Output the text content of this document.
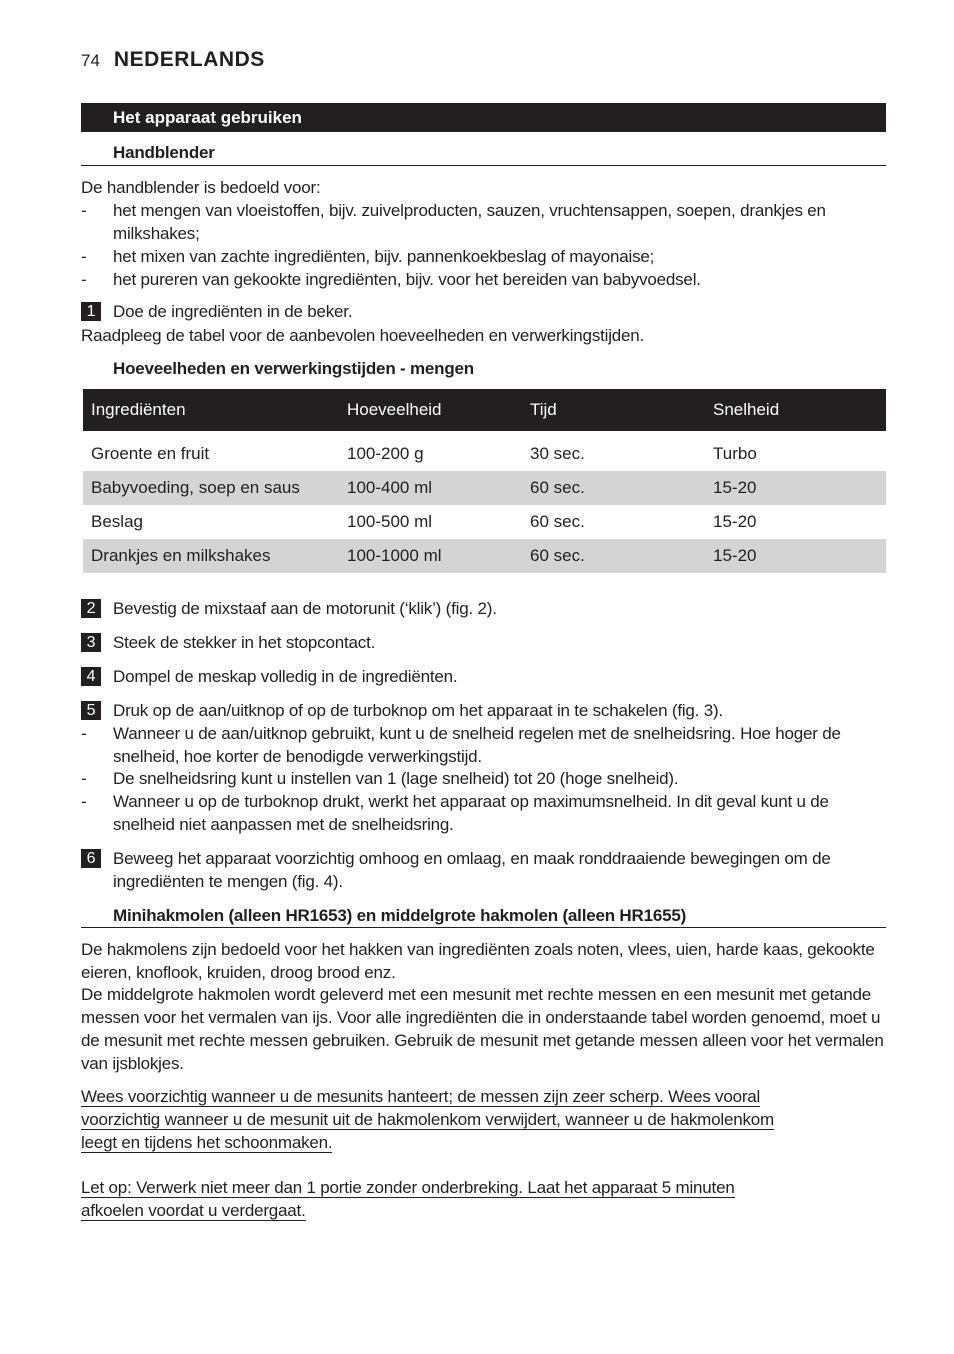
74 NEDERLANDS
Het apparaat gebruiken
Handblender
De handblender is bedoeld voor:
-	het mengen van vloeistoffen, bijv. zuivelproducten, sauzen, vruchtensappen, soepen, drankjes en milkshakes;
-	het mixen van zachte ingrediënten, bijv. pannenkoekbeslag of mayonaise;
-	het pureren van gekookte ingrediënten, bijv. voor het bereiden van babyvoedsel.
1	Doe de ingrediënten in de beker.
Raadpleeg de tabel voor de aanbevolen hoeveelheden en verwerkingstijden.
Hoeveelheden en verwerkingstijden - mengen
Ingrediënten	Hoeveelheid	Tijd	Snelheid

Groente en fruit	100-200 g	30 sec.	Turbo
Babyvoeding, soep en saus	100-400 ml	60 sec.	15-20
Beslag	100-500 ml	60 sec.	15-20
Drankjes en milkshakes	100-1000 ml	60 sec.	15-20
2	Bevestig de mixstaaf aan de motorunit (‘klik’) (fig. 2).
3	Steek de stekker in het stopcontact.
4	Dompel de meskap volledig in de ingrediënten.
5	Druk op de aan/uitknop of op de turboknop om het apparaat in te schakelen (fig. 3).
-	Wanneer u de aan/uitknop gebruikt, kunt u de snelheid regelen met de snelheidsring. Hoe hoger de snelheid, hoe korter de benodigde verwerkingstijd.
-	De snelheidsring kunt u instellen van 1 (lage snelheid) tot 20 (hoge snelheid).
-	Wanneer u op de turboknop drukt, werkt het apparaat op maximumsnelheid. In dit geval kunt u de snelheid niet aanpassen met de snelheidsring.
6	Beweeg het apparaat voorzichtig omhoog en omlaag, en maak ronddraaiende bewegingen om de ingrediënten te mengen (fig. 4).
Minihakmolen (alleen HR1653) en middelgrote hakmolen (alleen HR1655)
De hakmolens zijn bedoeld voor het hakken van ingrediënten zoals noten, vlees, uien, harde kaas, gekookte eieren, knoflook, kruiden, droog brood enz.
De middelgrote hakmolen wordt geleverd met een mesunit met rechte messen en een mesunit met getande messen voor het vermalen van ijs. Voor alle ingrediënten die in onderstaande tabel worden genoemd, moet u de mesunit met rechte messen gebruiken. Gebruik de mesunit met getande messen alleen voor het vermalen van ijsblokjes.
Wees voorzichtig wanneer u de mesunits hanteert; de messen zijn zeer scherp. Wees vooral
voorzichtig wanneer u de mesunit uit de hakmolenkom verwijdert, wanneer u de hakmolenkom
leegt en tijdens het schoonmaken.
Let op: Verwerk niet meer dan 1 portie zonder onderbreking. Laat het apparaat 5 minuten
afkoelen voordat u verdergaat.
